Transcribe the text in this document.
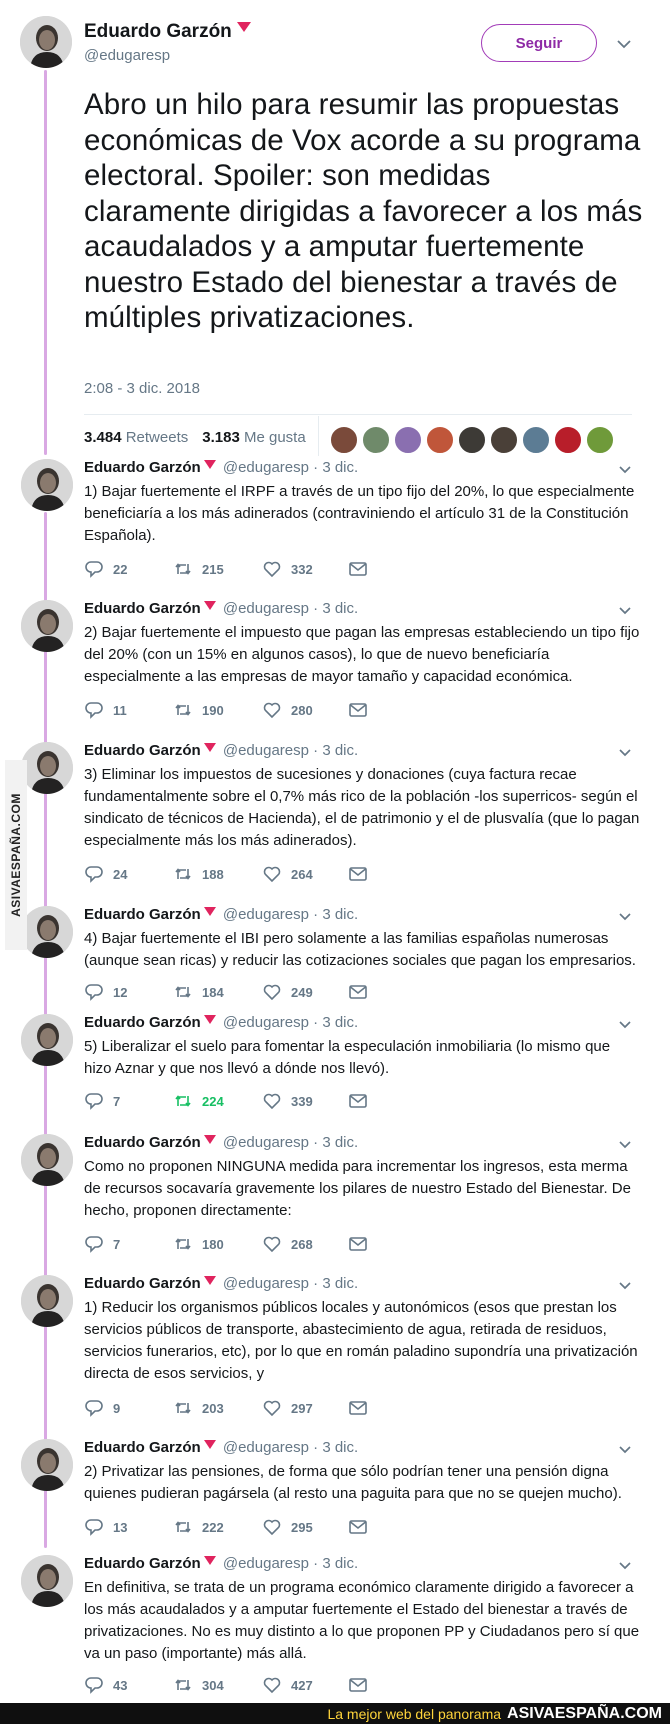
Eduardo Garzón
@edugaresp
Seguir
Abro un hilo para resumir las propuestas económicas de Vox acorde a su programa electoral. Spoiler: son medidas claramente dirigidas a favorecer a los más acaudalados y a amputar fuertemente nuestro Estado del bienestar a través de múltiples privatizaciones.
2:08 - 3 dic. 2018
3.484 Retweets 3.183 Me gusta
Eduardo Garzón @edugaresp · 3 dic.
1) Bajar fuertemente el IRPF a través de un tipo fijo del 20%, lo que especialmente beneficiaría a los más adinerados (contraviniendo el artículo 31 de la Constitución Española).
22	215	332
Eduardo Garzón @edugaresp · 3 dic.
2) Bajar fuertemente el impuesto que pagan las empresas estableciendo un tipo fijo del 20% (con un 15% en algunos casos), lo que de nuevo beneficiaría especialmente a las empresas de mayor tamaño y capacidad económica.
11	190	280
Eduardo Garzón @edugaresp · 3 dic.
3) Eliminar los impuestos de sucesiones y donaciones (cuya factura recae fundamentalmente sobre el 0,7% más rico de la población -los superricos- según el sindicato de técnicos de Hacienda), el de patrimonio y el de plusvalía (que lo pagan especialmente más los más adinerados).
24	188	264
Eduardo Garzón @edugaresp · 3 dic.
4) Bajar fuertemente el IBI pero solamente a las familias españolas numerosas (aunque sean ricas) y reducir las cotizaciones sociales que pagan los empresarios.
12	184	249
Eduardo Garzón @edugaresp · 3 dic.
5) Liberalizar el suelo para fomentar la especulación inmobiliaria (lo mismo que hizo Aznar y que nos llevó a dónde nos llevó).
7	224	339
Eduardo Garzón @edugaresp · 3 dic.
Como no proponen NINGUNA medida para incrementar los ingresos, esta merma de recursos socavaría gravemente los pilares de nuestro Estado del Bienestar. De hecho, proponen directamente:
7	180	268
Eduardo Garzón @edugaresp · 3 dic.
1) Reducir los organismos públicos locales y autonómicos (esos que prestan los servicios públicos de transporte, abastecimiento de agua, retirada de residuos, servicios funerarios, etc), por lo que en román paladino supondría una privatización directa de esos servicios, y
9	203	297
Eduardo Garzón @edugaresp · 3 dic.
2) Privatizar las pensiones, de forma que sólo podrían tener una pensión digna quienes pudieran pagársela (al resto una paguita para que no se quejen mucho).
13	222	295
Eduardo Garzón @edugaresp · 3 dic.
En definitiva, se trata de un programa económico claramente dirigido a favorecer a los más acaudalados y a amputar fuertemente el Estado del bienestar a través de privatizaciones. No es muy distinto a lo que proponen PP y Ciudadanos pero sí que va un paso (importante) más allá.
43	304	427
ASIVAESPAÑA.COM
La mejor web del panorama ASIVAESPAÑA.COM
